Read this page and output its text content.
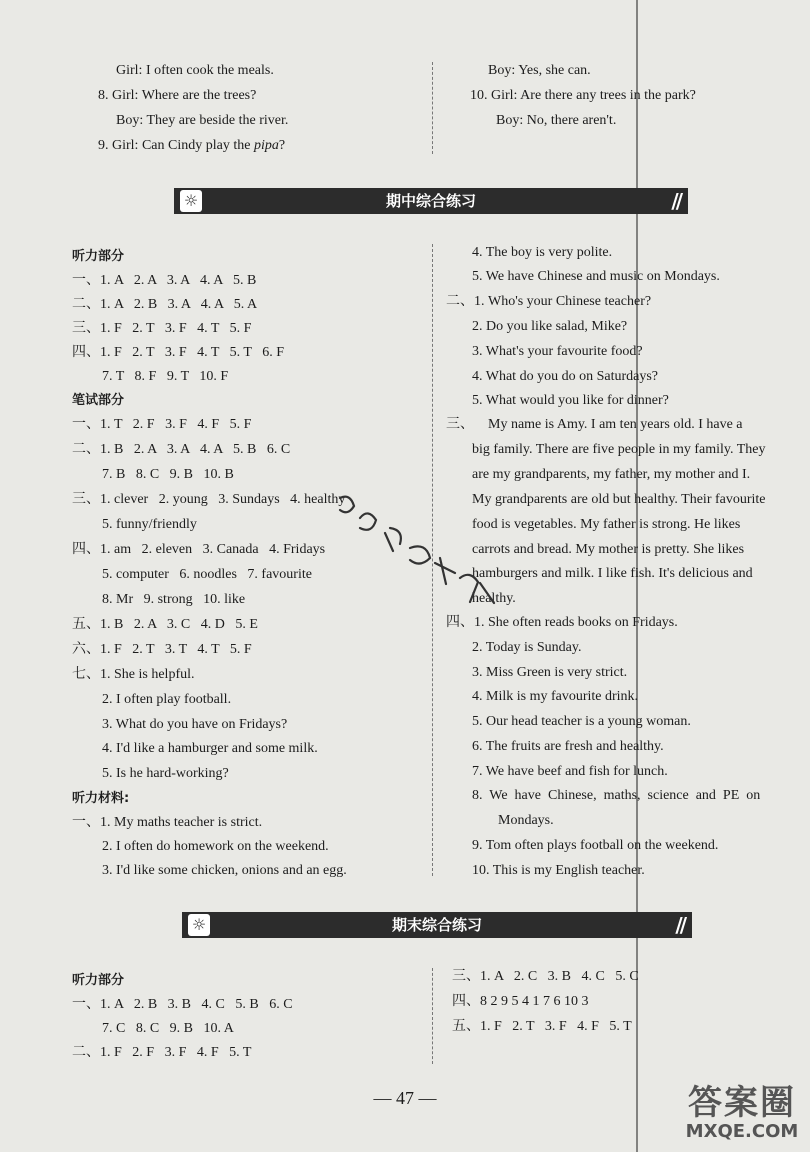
Girl: I often cook the meals.
8. Girl: Where are the trees?
Boy: They are beside the river.
9. Girl: Can Cindy play the pipa?
Boy: Yes, she can.
10. Girl: Are there any trees in the park?
Boy: No, there aren't.
☼	期中综合练习	//
听力部分
一、1. A   2. A   3. A   4. A   5. B
二、1. A   2. B   3. A   4. A   5. A
三、1. F   2. T   3. F   4. T   5. F
四、1. F   2. T   3. F   4. T   5. T   6. F
7. T   8. F   9. T   10. F
笔试部分
一、1. T   2. F   3. F   4. F   5. F
二、1. B   2. A   3. A   4. A   5. B   6. C
7. B   8. C   9. B   10. B
三、1. clever   2. young   3. Sundays   4. healthy
5. funny/friendly
四、1. am   2. eleven   3. Canada   4. Fridays
5. computer   6. noodles   7. favourite
8. Mr   9. strong   10. like
五、1. B   2. A   3. C   4. D   5. E
六、1. F   2. T   3. T   4. T   5. F
七、1. She is helpful.
2. I often play football.
3. What do you have on Fridays?
4. I'd like a hamburger and some milk.
5. Is he hard-working?
听力材料:
一、1. My maths teacher is strict.
2. I often do homework on the weekend.
3. I'd like some chicken, onions and an egg.
4. The boy is very polite.
5. We have Chinese and music on Mondays.
二、1. Who's your Chinese teacher?
2. Do you like salad, Mike?
3. What's your favourite food?
4. What do you do on Saturdays?
5. What would you like for dinner?
三、    My name is Amy. I am ten years old. I have a
big family. There are five people in my family. They
are my grandparents, my father, my mother and I.
My grandparents are old but healthy. Their favourite
food is vegetables. My father is strong. He likes
carrots and bread. My mother is pretty. She likes
hamburgers and milk. I like fish. It's delicious and
healthy.
四、1. She often reads books on Fridays.
2. Today is Sunday.
3. Miss Green is very strict.
4. Milk is my favourite drink.
5. Our head teacher is a young woman.
6. The fruits are fresh and healthy.
7. We have beef and fish for lunch.
8.  We  have  Chinese,  maths,  science  and  PE  on
Mondays.
9. Tom often plays football on the weekend.
10. This is my English teacher.
☼	期末综合练习	//
听力部分
一、1. A   2. B   3. B   4. C   5. B   6. C
7. C   8. C   9. B   10. A
二、1. F   2. F   3. F   4. F   5. T
三、1. A   2. C   3. B   4. C   5. C
四、8 2 9 5 4 1 7 6 10 3
五、1. F   2. T   3. F   4. F   5. T
— 47 —	答案圈
MXQE.COM
